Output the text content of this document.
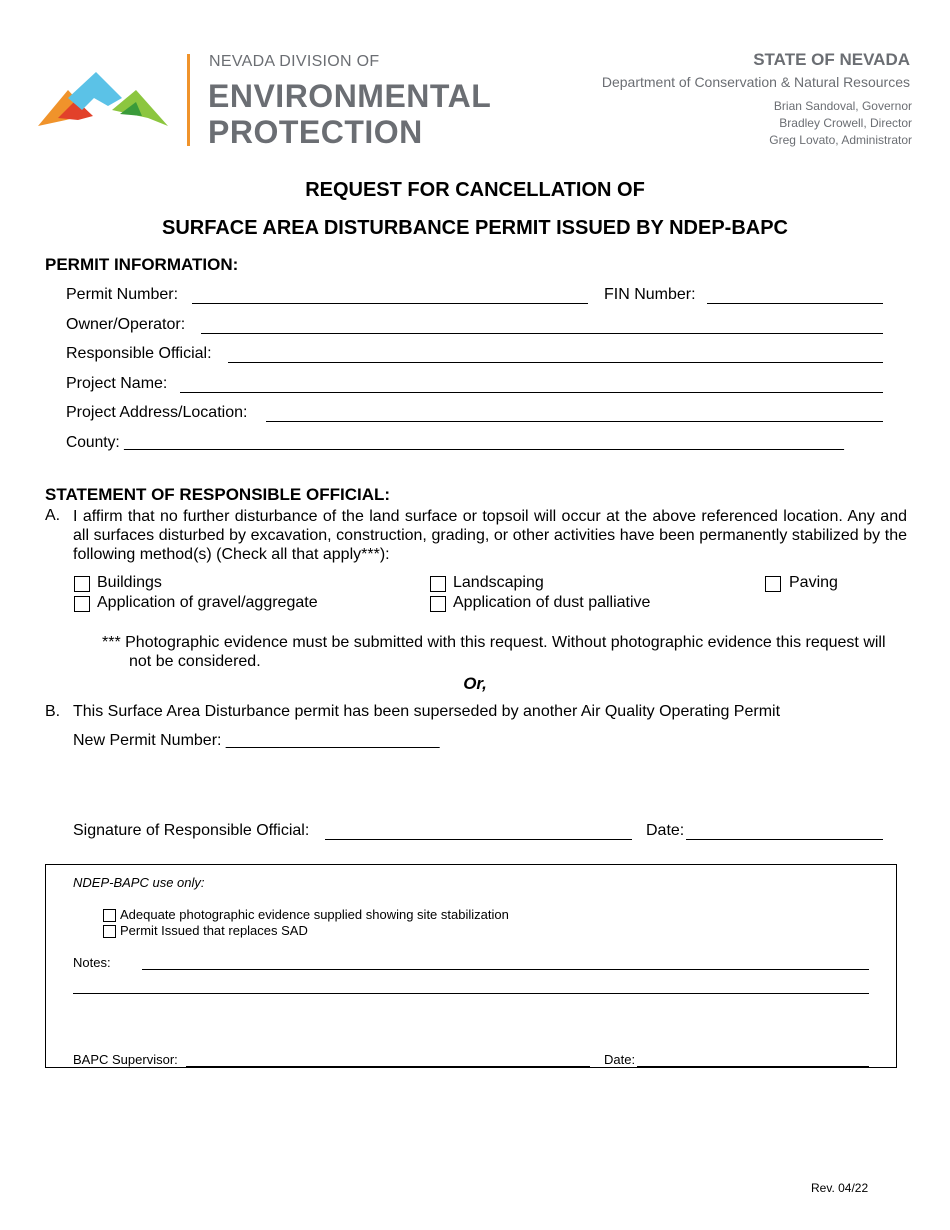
NEVADA DIVISION OF
ENVIRONMENTAL
PROTECTION
STATE OF NEVADA
Department of Conservation & Natural Resources
Brian Sandoval, Governor
Bradley Crowell, Director
Greg Lovato, Administrator
REQUEST FOR CANCELLATION OF
SURFACE AREA DISTURBANCE PERMIT ISSUED BY NDEP-BAPC
PERMIT INFORMATION:
Permit Number:	FIN Number:
Owner/Operator:
Responsible Official:
Project Name:
Project Address/Location:
County: ___________________________________________________________________________________
STATEMENT OF RESPONSIBLE OFFICIAL:
A. I affirm that no further disturbance of the land surface or topsoil will occur at the above referenced location. Any and all surfaces disturbed by excavation, construction, grading, or other activities have been permanently stabilized by the following method(s) (Check all that apply***):
Buildings	Landscaping	Paving
Application of gravel/aggregate	Application of dust palliative
*** Photographic evidence must be submitted with this request. Without photographic evidence this request will not be considered.
Or,
B. This Surface Area Disturbance permit has been superseded by another Air Quality Operating Permit
New Permit Number: ________________________
Signature of Responsible Official:	Date:
NDEP-BAPC use only:
Adequate photographic evidence supplied showing site stabilization
Permit Issued that replaces SAD
Notes:
BAPC Supervisor:	Date:
Rev. 04/22
